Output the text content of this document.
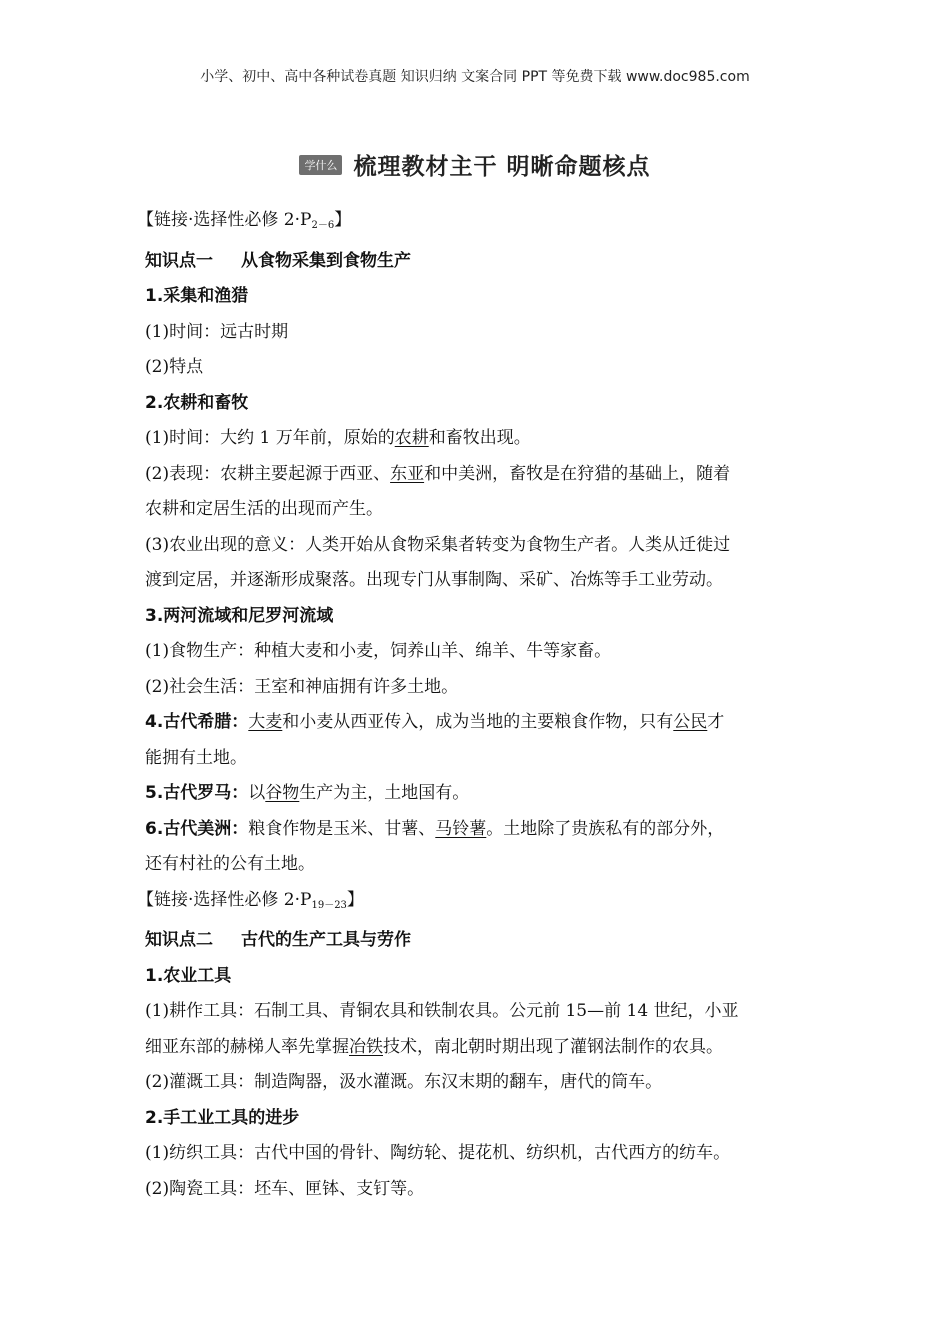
小学、初中、高中各种试卷真题 知识归纳 文案合同 PPT 等免费下载 www.doc985.com
学什么 梳理教材主干 明晰命题核点
【链接·选择性必修 $2\cdot P_{2-6}$】
知识点一 从食物采集到食物生产
1.采集和渔猎
(1)时间：远古时期
(2)特点
2.农耕和畜牧
(1)时间：大约 1 万年前，原始的农耕和畜牧出现。
(2)表现：农耕主要起源于西亚、东亚和中美洲，畜牧是在狩猎的基础上，随着
农耕和定居生活的出现而产生。
(3)农业出现的意义：人类开始从食物采集者转变为食物生产者。人类从迁徙过
渡到定居，并逐渐形成聚落。出现专门从事制陶、采矿、冶炼等手工业劳动。
3.两河流域和尼罗河流域
(1)食物生产：种植大麦和小麦，饲养山羊、绵羊、牛等家畜。
(2)社会生活：王室和神庙拥有许多土地。
4.古代希腊：大麦和小麦从西亚传入，成为当地的主要粮食作物，只有公民才
能拥有土地。
5.古代罗马：以谷物生产为主，土地国有。
6.古代美洲：粮食作物是玉米、甘薯、马铃薯。土地除了贵族私有的部分外，
还有村社的公有土地。
【链接·选择性必修 $2\cdot P_{19-23}$】
知识点二 古代的生产工具与劳作
1.农业工具
(1)耕作工具：石制工具、青铜农具和铁制农具。公元前 15—前 14 世纪，小亚
细亚东部的赫梯人率先掌握冶铁技术，南北朝时期出现了灌钢法制作的农具。
(2)灌溉工具：制造陶器，汲水灌溉。东汉末期的翻车，唐代的筒车。
2.手工业工具的进步
(1)纺织工具：古代中国的骨针、陶纺轮、提花机、纺织机，古代西方的纺车。
(2)陶瓷工具：坯车、匣钵、支钉等。
